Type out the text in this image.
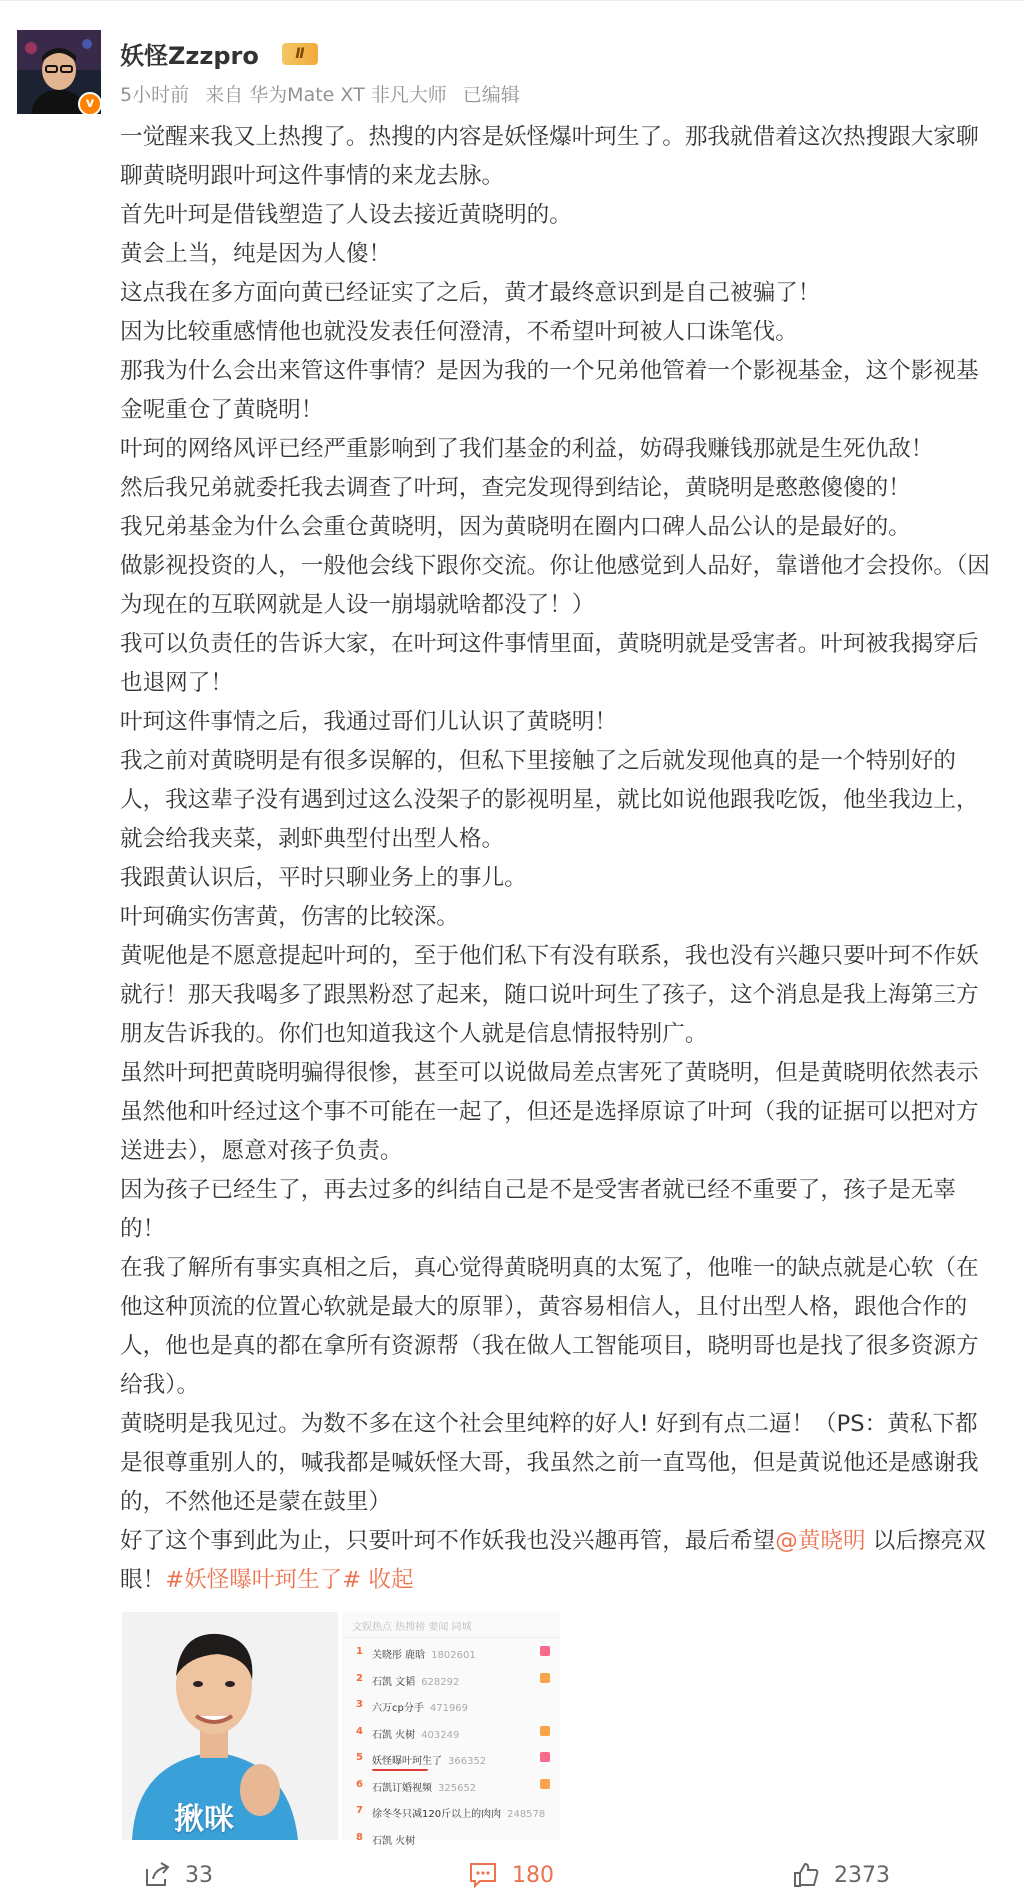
v
妖怪Zzzpro	Ⅱ
5小时前 来自 华为Mate XT 非凡大师 已编辑

一觉醒来我又上热搜了。热搜的内容是妖怪爆叶珂生了。那我就借着这次热搜跟大家聊聊黄晓明跟叶珂这件事情的来龙去脉。

首先叶珂是借钱塑造了人设去接近黄晓明的。

黄会上当，纯是因为人傻！

这点我在多方面向黄已经证实了之后，黄才最终意识到是自己被骗了！

因为比较重感情他也就没发表任何澄清，不希望叶珂被人口诛笔伐。

那我为什么会出来管这件事情？是因为我的一个兄弟他管着一个影视基金，这个影视基金呢重仓了黄晓明！

叶珂的网络风评已经严重影响到了我们基金的利益，妨碍我赚钱那就是生死仇敌！

然后我兄弟就委托我去调查了叶珂，查完发现得到结论，黄晓明是憨憨傻傻的！

我兄弟基金为什么会重仓黄晓明，因为黄晓明在圈内口碑人品公认的是最好的。

做影视投资的人，一般他会线下跟你交流。你让他感觉到人品好，靠谱他才会投你。（因为现在的互联网就是人设一崩塌就啥都没了！）

我可以负责任的告诉大家，在叶珂这件事情里面，黄晓明就是受害者。叶珂被我揭穿后也退网了！

叶珂这件事情之后，我通过哥们儿认识了黄晓明！

我之前对黄晓明是有很多误解的，但私下里接触了之后就发现他真的是一个特别好的人，我这辈子没有遇到过这么没架子的影视明星，就比如说他跟我吃饭，他坐我边上，就会给我夹菜，剥虾典型付出型人格。

我跟黄认识后，平时只聊业务上的事儿。

叶珂确实伤害黄，伤害的比较深。

黄呢他是不愿意提起叶珂的，至于他们私下有没有联系，我也没有兴趣只要叶珂不作妖就行！那天我喝多了跟黑粉怼了起来，随口说叶珂生了孩子，这个消息是我上海第三方朋友告诉我的。你们也知道我这个人就是信息情报特别广。

虽然叶珂把黄晓明骗得很惨，甚至可以说做局差点害死了黄晓明，但是黄晓明依然表示虽然他和叶经过这个事不可能在一起了，但还是选择原谅了叶珂（我的证据可以把对方送进去），愿意对孩子负责。

因为孩子已经生了，再去过多的纠结自己是不是受害者就已经不重要了，孩子是无辜的！

在我了解所有事实真相之后，真心觉得黄晓明真的太冤了，他唯一的缺点就是心软（在他这种顶流的位置心软就是最大的原罪），黄容易相信人，且付出型人格，跟他合作的人，他也是真的都在拿所有资源帮（我在做人工智能项目，晓明哥也是找了很多资源方给我）。

黄晓明是我见过。为数不多在这个社会里纯粹的好人! 好到有点二逼！（PS：黄私下都是很尊重别人的，喊我都是喊妖怪大哥，我虽然之前一直骂他，但是黄说他还是感谢我的，不然他还是蒙在鼓里）

好了这个事到此为止，只要叶珂不作妖我也没兴趣再管，最后希望@黄晓明 以后擦亮双眼！#妖怪曝叶珂生了# 收起

揪咪
文娱热点 热搜榜 要闻 同城
1 关晓彤 鹿晗 1802601
2 石凯 文韬 628292
3 六万cp分手 471969
4 石凯 火树 403249
5 妖怪曝叶珂生了 366352
6 石凯订婚视频 325652
7 徐冬冬只减120斤以上的肉肉 248578
8 石凯 火树
33	180	2373
